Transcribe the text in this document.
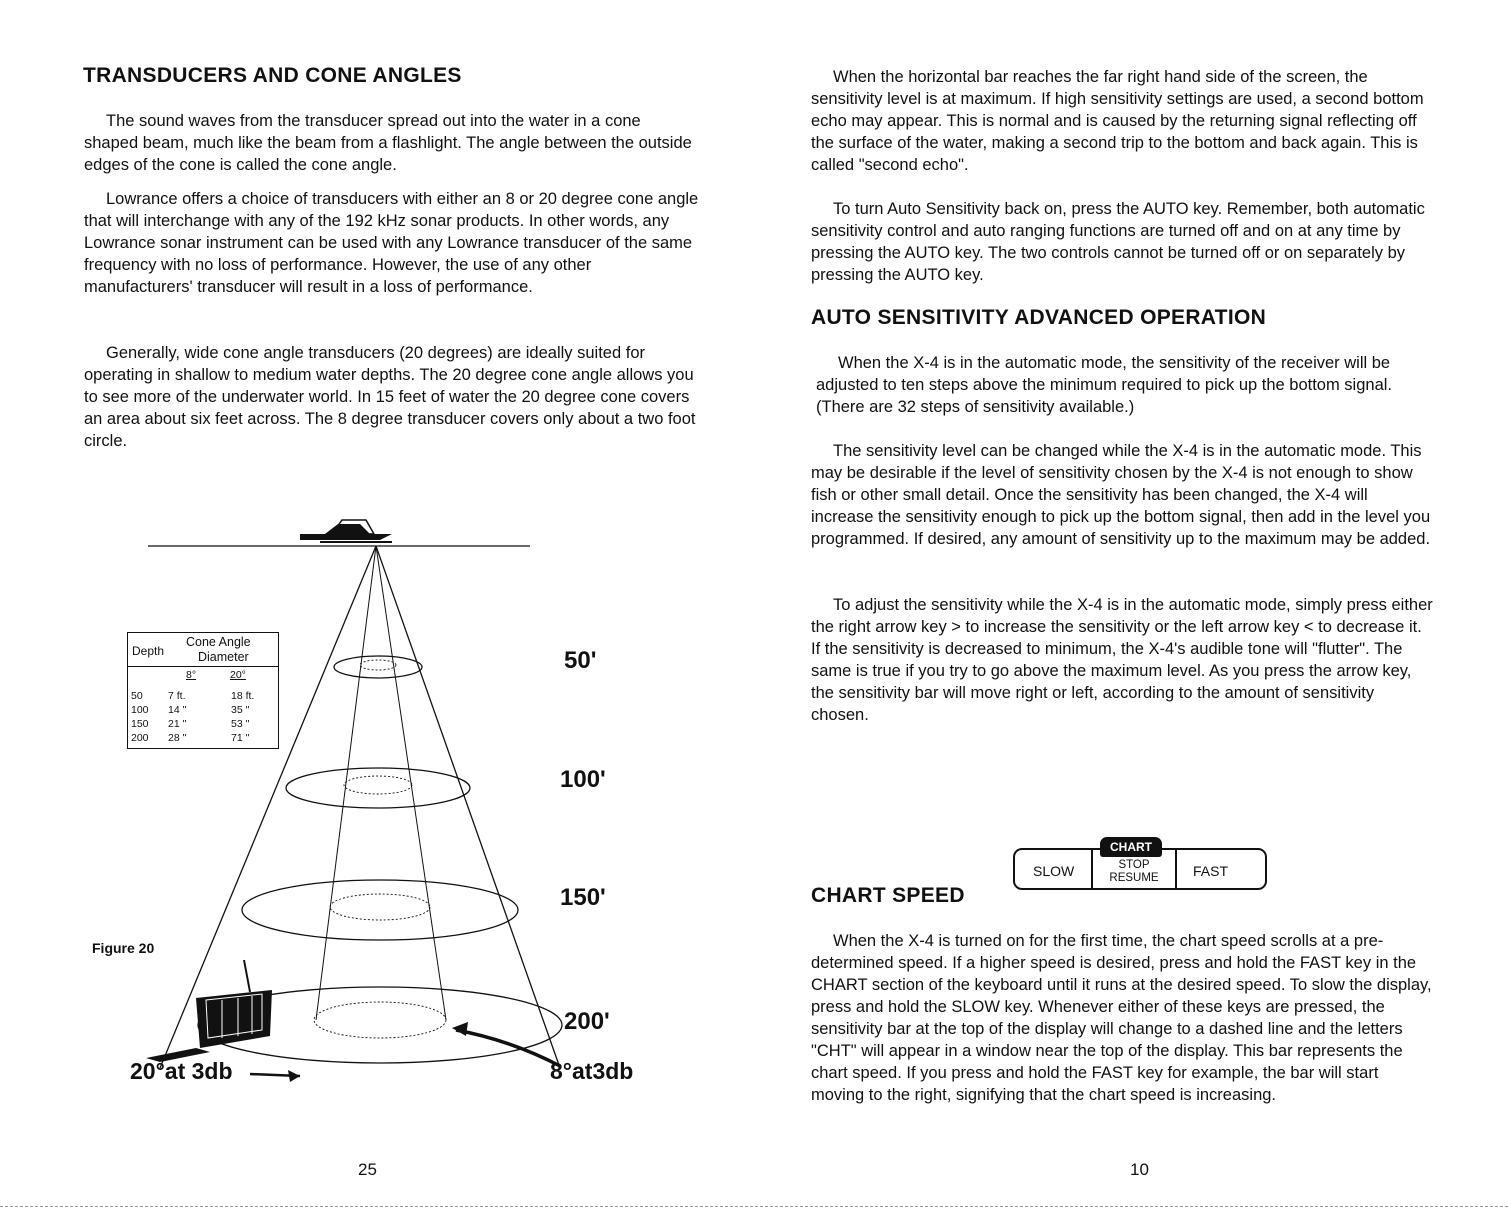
TRANSDUCERS AND CONE ANGLES

The sound waves from the transducer spread out into the water in a cone shaped beam, much like the beam from a flashlight. The angle between the outside edges of the cone is called the cone angle.

Lowrance offers a choice of transducers with either an 8 or 20 degree cone angle that will interchange with any of the 192 kHz sonar products. In other words, any Lowrance sonar instrument can be used with any Lowrance transducer of the same frequency with no loss of performance. However, the use of any other manufacturers' transducer will result in a loss of performance.

Generally, wide cone angle transducers (20 degrees) are ideally suited for operating in shallow to medium water depths. The 20 degree cone angle allows you to see more of the underwater world. In 15 feet of water the 20 degree cone covers an area about six feet across. The 8 degree transducer covers only about a two foot circle.

Depth
Cone Angle
Diameter
8°	20°
50 7 ft.	18 ft.
100 14 "	35 "
150 21 "	53 "
200 28 "	71 "
50'
100'
150'
200'
20°at 3db	8°at3db
Figure 20
25

When the horizontal bar reaches the far right hand side of the screen, the sensitivity level is at maximum. If high sensitivity settings are used, a second bottom echo may appear. This is normal and is caused by the returning signal reflecting off the surface of the water, making a second trip to the bottom and back again. This is called "second echo".

To turn Auto Sensitivity back on, press the AUTO key. Remember, both automatic sensitivity control and auto ranging functions are turned off and on at any time by pressing the AUTO key. The two controls cannot be turned off or on separately by pressing the AUTO key.

AUTO SENSITIVITY ADVANCED OPERATION

When the X-4 is in the automatic mode, the sensitivity of the receiver will be adjusted to ten steps above the minimum required to pick up the bottom signal. (There are 32 steps of sensitivity available.)

The sensitivity level can be changed while the X-4 is in the automatic mode. This may be desirable if the level of sensitivity chosen by the X-4 is not enough to show fish or other small detail. Once the sensitivity has been changed, the X-4 will increase the sensitivity enough to pick up the bottom signal, then add in the level you programmed. If desired, any amount of sensitivity up to the maximum may be added.

To adjust the sensitivity while the X-4 is in the automatic mode, simply press either the right arrow key > to increase the sensitivity or the left arrow key < to decrease it. If the sensitivity is decreased to minimum, the X-4's audible tone will "flutter". The same is true if you try to go above the maximum level. As you press the arrow key, the sensitivity bar will move right or left, according to the amount of sensitivity chosen.

CHART SPEED

When the X-4 is turned on for the first time, the chart speed scrolls at a pre-determined speed. If a higher speed is desired, press and hold the FAST key in the CHART section of the keyboard until it runs at the desired speed. To slow the display, press and hold the SLOW key. Whenever either of these keys are pressed, the sensitivity bar at the top of the display will change to a dashed line and the letters "CHT" will appear in a window near the top of the display. This bar represents the chart speed. If you press and hold the FAST key for example, the bar will start moving to the right, signifying that the chart speed is increasing.

10
SLOW	STOP
RESUME	FAST
CHART
